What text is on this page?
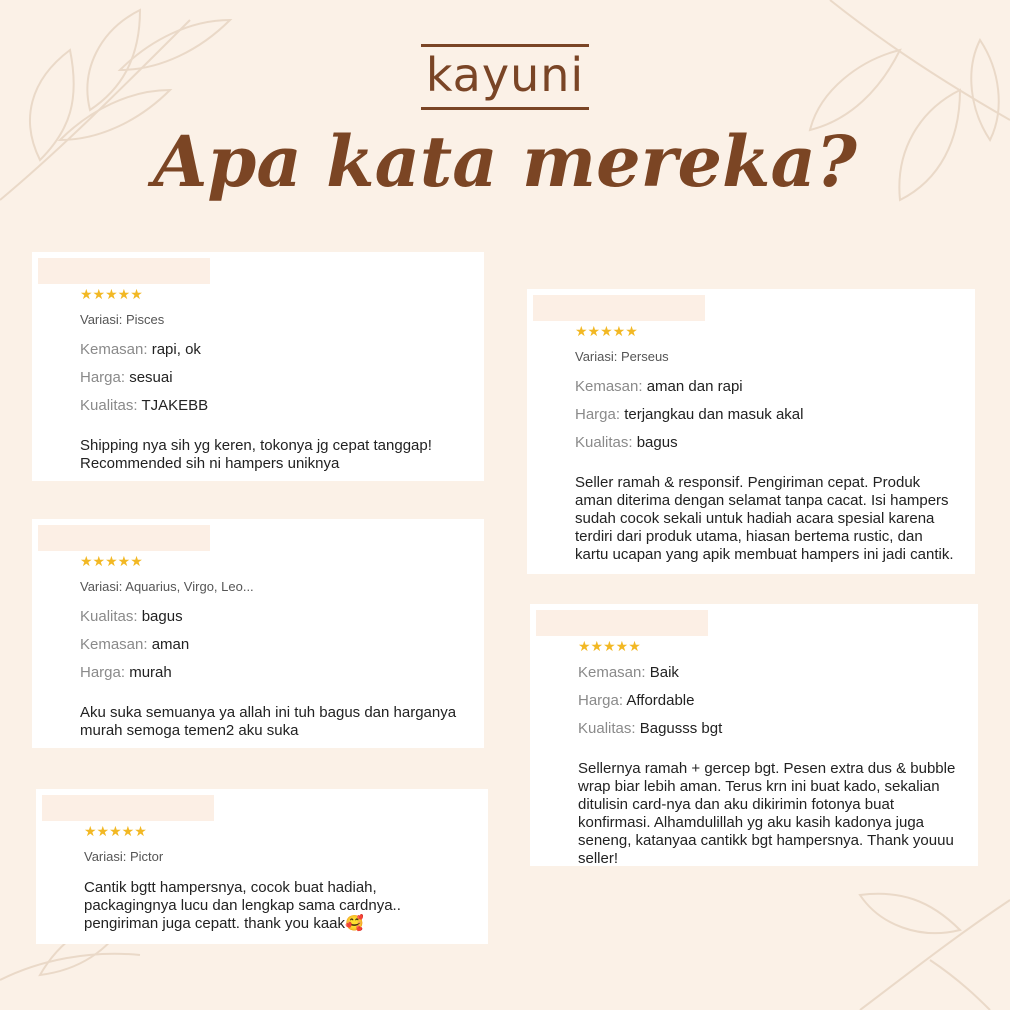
kayuni
Apa kata mereka?
★★★★★
Variasi: Pisces
Kemasan: rapi, ok
Harga: sesuai
Kualitas: TJAKEBB
Shipping nya sih yg keren, tokonya jg cepat tanggap! Recommended sih ni hampers uniknya
★★★★★
Variasi: Perseus
Kemasan: aman dan rapi
Harga: terjangkau dan masuk akal
Kualitas: bagus
Seller ramah & responsif. Pengiriman cepat. Produk aman diterima dengan selamat tanpa cacat. Isi hampers sudah cocok sekali untuk hadiah acara spesial karena terdiri dari produk utama, hiasan bertema rustic, dan kartu ucapan yang apik membuat hampers ini jadi cantik.
★★★★★
Variasi: Aquarius, Virgo, Leo...
Kualitas: bagus
Kemasan: aman
Harga: murah
Aku suka semuanya ya allah ini tuh bagus dan harganya murah semoga temen2 aku suka
★★★★★
Kemasan: Baik
Harga: Affordable
Kualitas: Bagusss bgt
Sellernya ramah + gercep bgt. Pesen extra dus & bubble wrap biar lebih aman. Terus krn ini buat kado, sekalian ditulisin card-nya dan aku dikirimin fotonya buat konfirmasi. Alhamdulillah yg aku kasih kadonya juga seneng, katanyaa cantikk bgt hampersnya. Thank youuu seller!
★★★★★
Variasi: Pictor
Cantik bgtt hampersnya, cocok buat hadiah, packagingnya lucu dan lengkap sama cardnya.. pengiriman juga cepatt. thank you kaak🥰
